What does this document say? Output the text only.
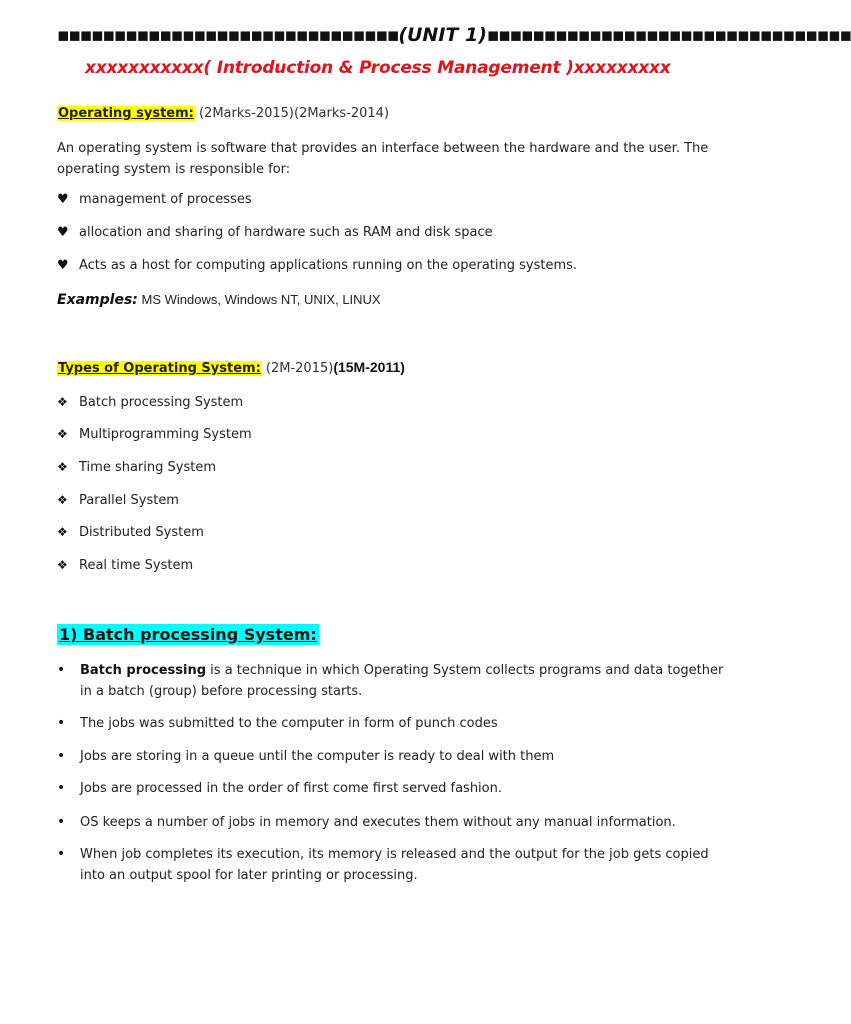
▪▪▪▪▪▪▪▪▪▪▪▪▪▪▪▪▪▪▪▪▪▪▪▪▪▪▪▪▪▪(UNIT 1)▪▪▪▪▪▪▪▪▪▪▪▪▪▪▪▪▪▪▪▪▪▪▪▪▪▪▪▪▪▪▪▪
xxxxxxxxxxx( Introduction & Process Management )xxxxxxxxx
Operating system: (2Marks-2015)(2Marks-2014)
An operating system is software that provides an interface between the hardware and the user. The operating system is responsible for:
♥ management of processes
♥ allocation and sharing of hardware such as RAM and disk space
♥ Acts as a host for computing applications running on the operating systems.
Examples: MS Windows, Windows NT, UNIX, LINUX
Types of Operating System: (2M-2015)(15M-2011)
❖ Batch processing System
❖ Multiprogramming System
❖ Time sharing System
❖ Parallel System
❖ Distributed System
❖ Real time System
1) Batch processing System:
• Batch processing is a technique in which Operating System collects programs and data together in a batch (group) before processing starts.
• The jobs was submitted to the computer in form of punch codes
• Jobs are storing in a queue until the computer is ready to deal with them
• Jobs are processed in the order of first come first served fashion.
• OS keeps a number of jobs in memory and executes them without any manual information.
• When job completes its execution, its memory is released and the output for the job gets copied into an output spool for later printing or processing.
